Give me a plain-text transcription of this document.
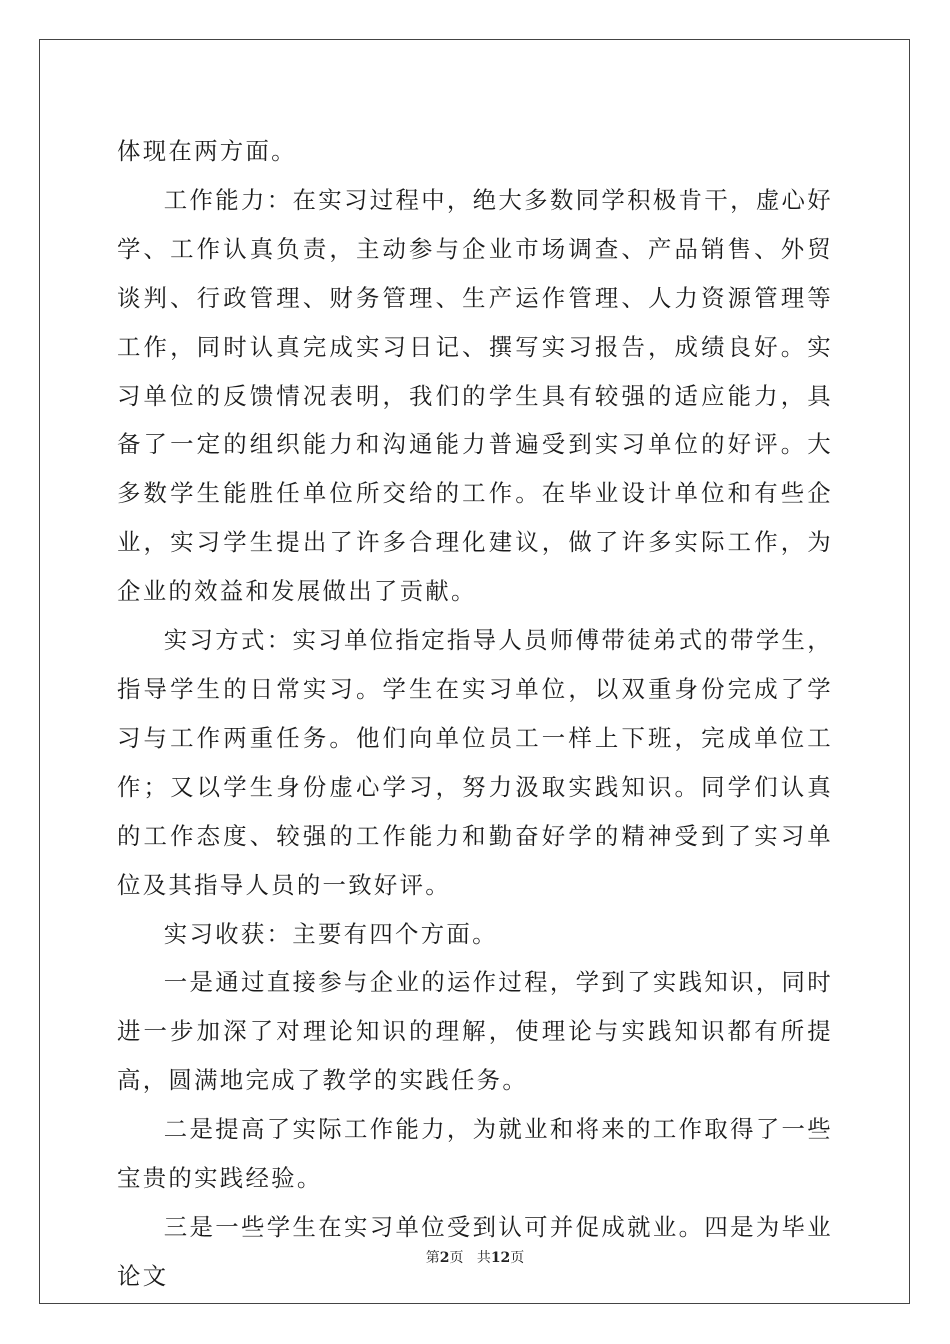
体现在两方面。

工作能力：在实习过程中，绝大多数同学积极肯干，虚心好学、工作认真负责，主动参与企业市场调查、产品销售、外贸谈判、行政管理、财务管理、生产运作管理、人力资源管理等工作，同时认真完成实习日记、撰写实习报告，成绩良好。实习单位的反馈情况表明，我们的学生具有较强的适应能力，具备了一定的组织能力和沟通能力普遍受到实习单位的好评。大多数学生能胜任单位所交给的工作。在毕业设计单位和有些企业，实习学生提出了许多合理化建议，做了许多实际工作，为企业的效益和发展做出了贡献。

实习方式：实习单位指定指导人员师傅带徒弟式的带学生，指导学生的日常实习。学生在实习单位，以双重身份完成了学习与工作两重任务。他们向单位员工一样上下班，完成单位工作；又以学生身份虚心学习，努力汲取实践知识。同学们认真的工作态度、较强的工作能力和勤奋好学的精神受到了实习单位及其指导人员的一致好评。

实习收获：主要有四个方面。

一是通过直接参与企业的运作过程，学到了实践知识，同时进一步加深了对理论知识的理解，使理论与实践知识都有所提高，圆满地完成了教学的实践任务。

二是提高了实际工作能力，为就业和将来的工作取得了一些宝贵的实践经验。

三是一些学生在实习单位受到认可并促成就业。四是为毕业论文

第2页 共12页
